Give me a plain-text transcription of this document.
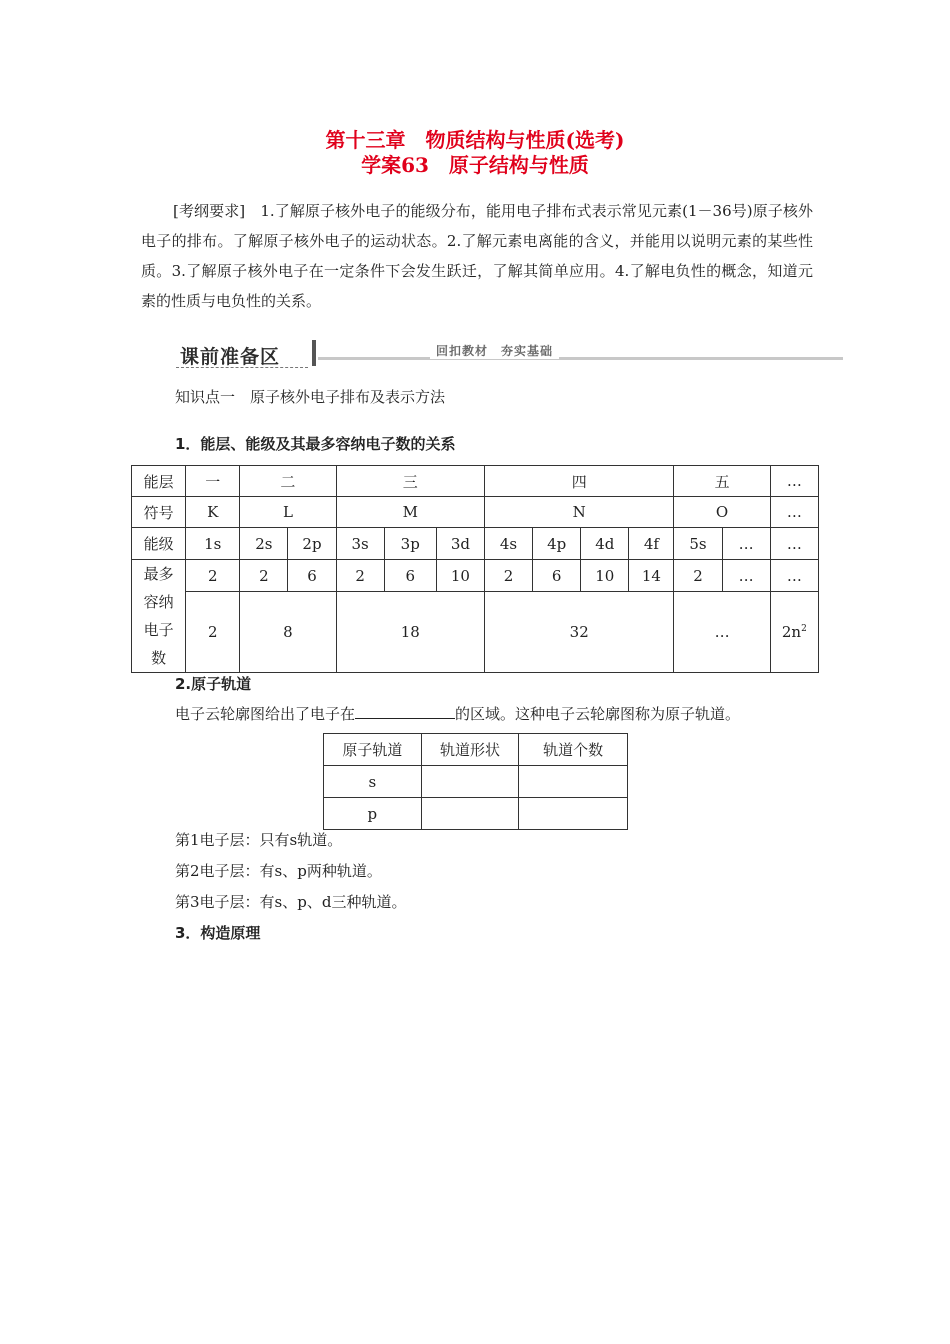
第十三章　物质结构与性质(选考)
学案63　原子结构与性质
[考纲要求]　1.了解原子核外电子的能级分布，能用电子排布式表示常见元素(1－36号)原子核外电子的排布。了解原子核外电子的运动状态。2.了解元素电离能的含义，并能用以说明元素的某些性质。3.了解原子核外电子在一定条件下会发生跃迁，了解其简单应用。4.了解电负性的概念，知道元素的性质与电负性的关系。
课前准备区	回扣教材　夯实基础
知识点一　原子核外电子排布及表示方法
1．能层、能级及其最多容纳电子数的关系
能层	一	二		三			四				五		…
符号	K	L		M			N				O		…
能级	1s	2s	2p	3s	3p	3d	4s	4p	4d	4f	5s	…	…

最多
容纳
电子
数	2	2	6	2	6	10	2	6	10	14	2	…	…
	2	8		18			32				…		$2n^2$
2.原子轨道
电子云轮廓图给出了电子在	的区域。这种电子云轮廓图称为原子轨道。
原子轨道	轨道形状	轨道个数
s		
p		
第1电子层：只有s轨道。
第2电子层：有s、p两种轨道。
第3电子层：有s、p、d三种轨道。
3．构造原理
